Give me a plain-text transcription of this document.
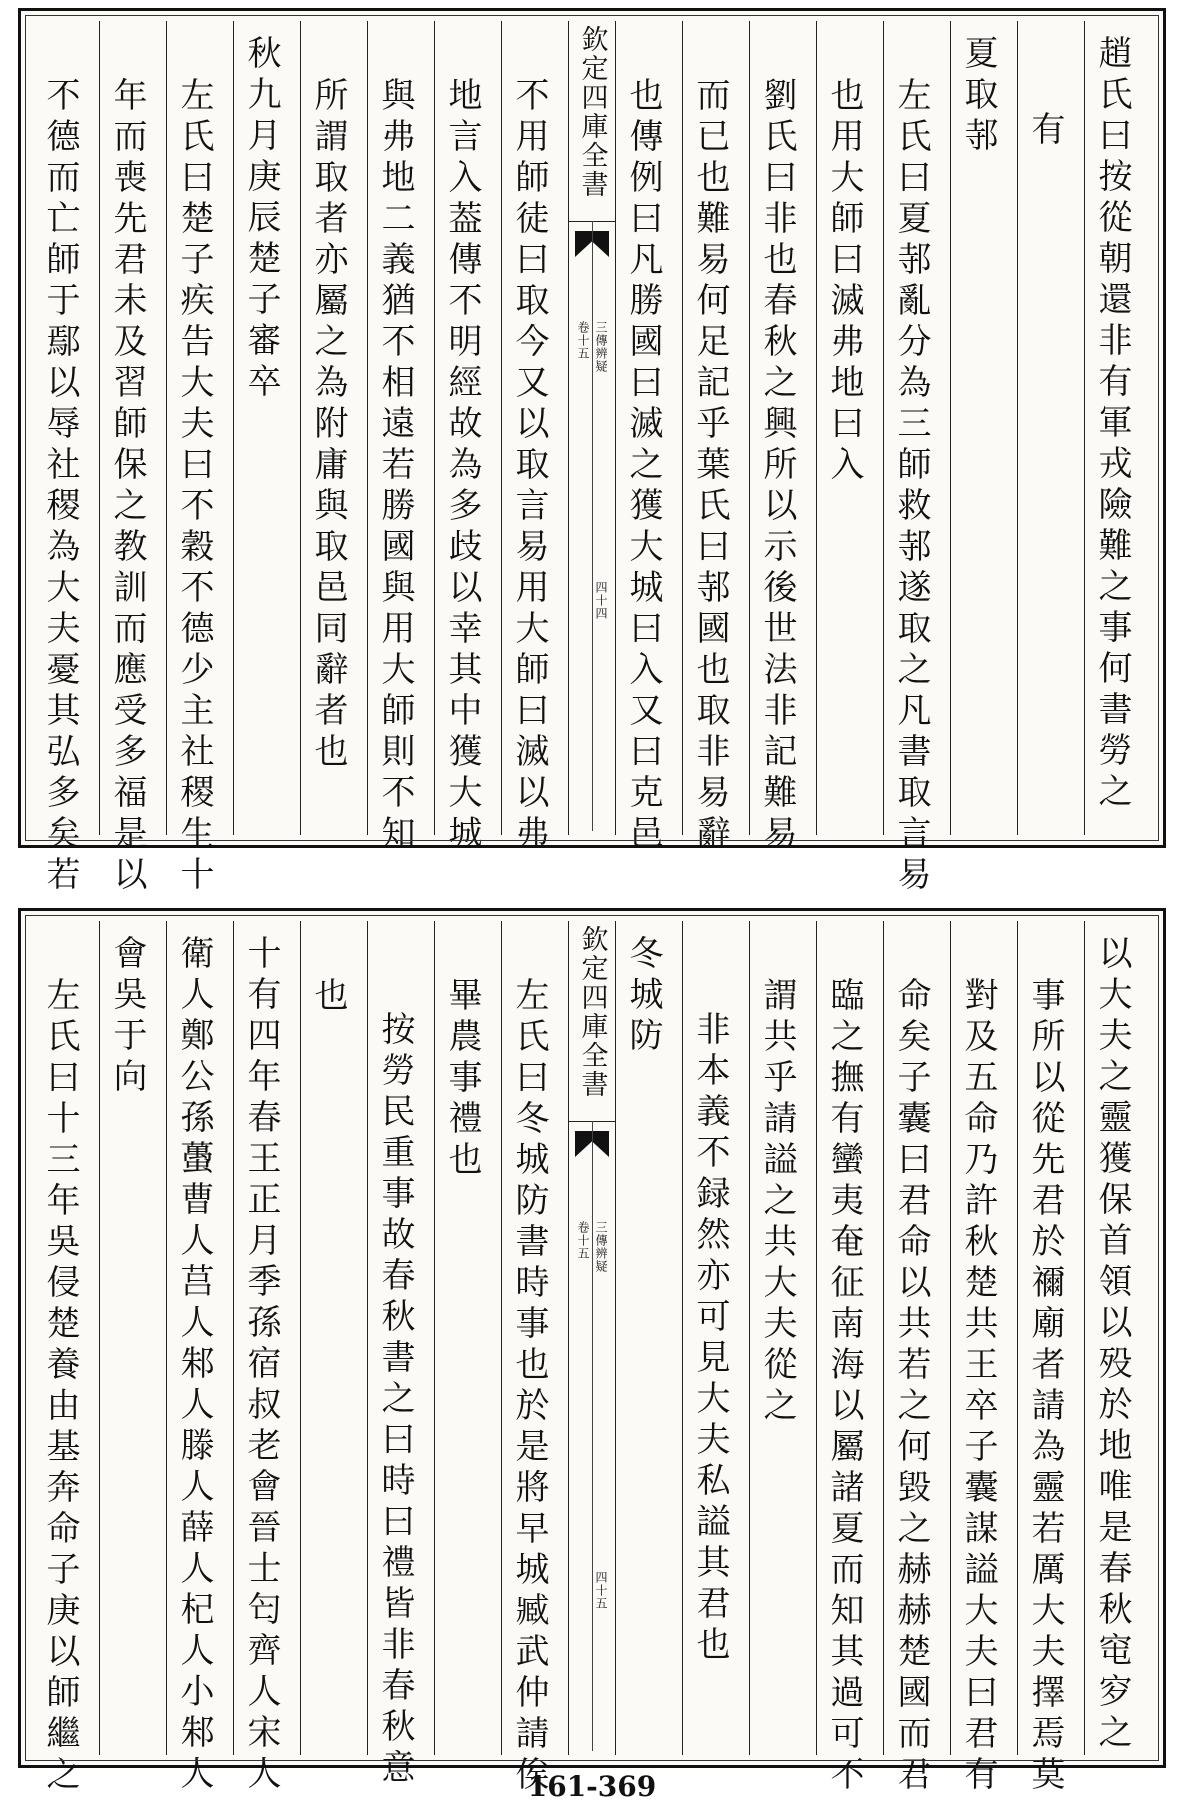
趙氏曰按從朝還非有軍戎險難之事何書勞之
有
夏取邿
左氏曰夏邿亂分為三師救邿遂取之凡書取言易
也用大師曰滅弗地曰入
劉氏曰非也春秋之興所以示後世法非記難易
而已也難易何足記乎葉氏曰邿國也取非易辭
也傳例曰凡勝國曰滅之獲大城曰入又曰克邑
欽定四庫全書
三傳辨疑
卷十五
四十四
不用師徒曰取今又以取言易用大師曰滅以弗
地言入葢傳不明經故為多歧以幸其中獲大城
與弗地二義猶不相遠若勝國與用大師則不知
所謂取者亦屬之為附庸與取邑同辭者也
秋九月庚辰楚子審卒
左氏曰楚子疾告大夫曰不穀不德少主社稷生十
年而喪先君未及習師保之教訓而應受多福是以
不德而亡師于鄢以辱社稷為大夫憂其弘多矣若
以大夫之靈獲保首領以殁於地唯是春秋窀穸之
事所以從先君於禰廟者請為靈若厲大夫擇焉莫
對及五命乃許秋楚共王卒子囊謀謚大夫曰君有
命矣子囊曰君命以共若之何毀之赫赫楚國而君
臨之撫有蠻夷奄征南海以屬諸夏而知其過可不
謂共乎請謚之共大夫從之
非本義不録然亦可見大夫私謚其君也
冬城防
欽定四庫全書
三傳辨疑
卷十五
四十五
左氏曰冬城防書時事也於是將早城臧武仲請俟
畢農事禮也
按勞民重事故春秋書之曰時曰禮皆非春秋意
也
十有四年春王正月季孫宿叔老會晉士匄齊人宋人
衛人鄭公孫蠆曹人莒人邾人滕人薛人杞人小邾人
會吳于向
左氏曰十三年吳侵楚養由基奔命子庚以師繼之	161-369
